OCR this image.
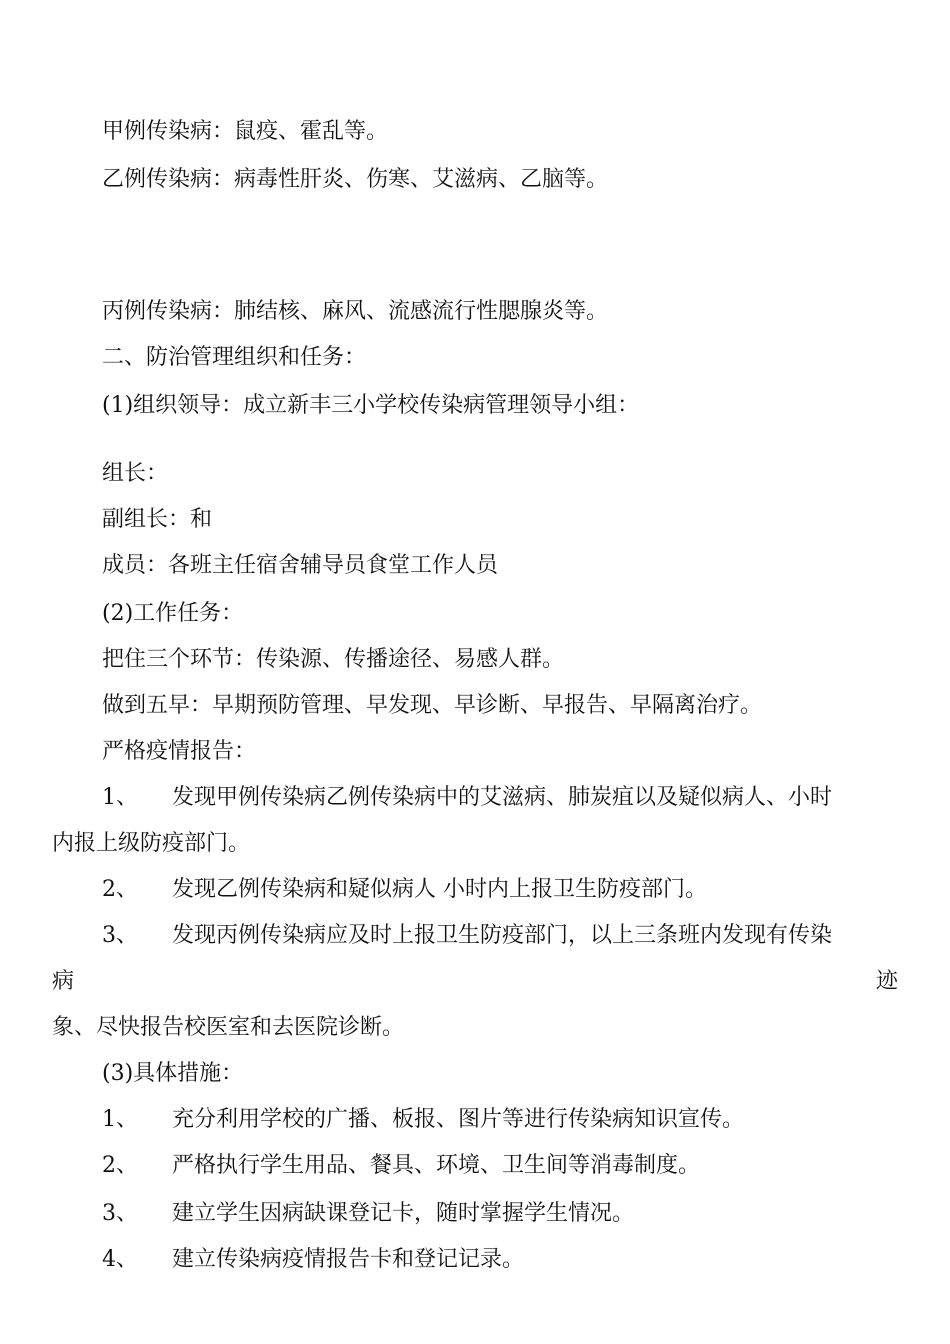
甲例传染病：鼠疫、霍乱等。
乙例传染病：病毒性肝炎、伤寒、艾滋病、乙脑等。
丙例传染病：肺结核、麻风、流感流行性腮腺炎等。
二、防治管理组织和任务：
(1)组织领导：成立新丰三小学校传染病管理领导小组：
组长：
副组长：和
成员：各班主任宿舍辅导员食堂工作人员
(2)工作任务：
把住三个环节：传染源、传播途径、易感人群。
做到五早：早期预防管理、早发现、早诊断、早报告、早隔离治疗。
严格疫情报告：
1、 发现甲例传染病乙例传染病中的艾滋病、肺炭疽以及疑似病人、小时
内报上级防疫部门。
2、 发现乙例传染病和疑似病人 小时内上报卫生防疫部门。
3、 发现丙例传染病应及时上报卫生防疫部门，以上三条班内发现有传染
病	迹
象、尽快报告校医室和去医院诊断。
(3)具体措施：
1、 充分利用学校的广播、板报、图片等进行传染病知识宣传。
2、 严格执行学生用品、餐具、环境、卫生间等消毒制度。
3、 建立学生因病缺课登记卡，随时掌握学生情况。
4、 建立传染病疫情报告卡和登记记录。
